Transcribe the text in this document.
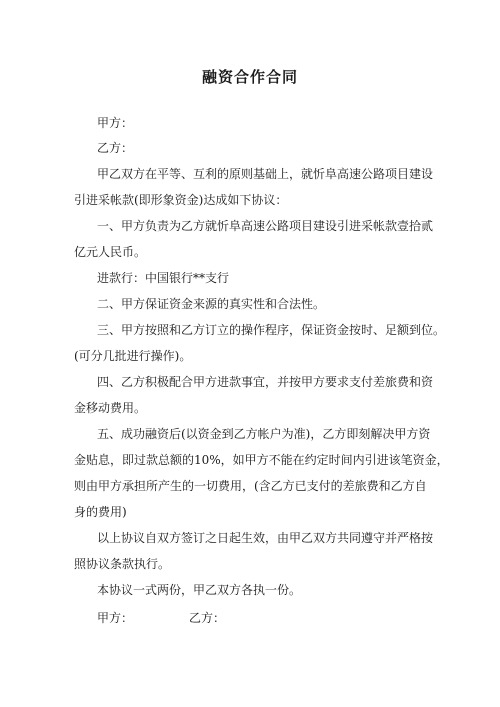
融资合作合同
甲方：
乙方：
甲乙双方在平等、互利的原则基础上，就忻阜高速公路项目建设
引进采帐款(即形象资金)达成如下协议：
一、甲方负责为乙方就忻阜高速公路项目建设引进采帐款壹拾贰
亿元人民币。
进款行：中国银行**支行
二、甲方保证资金来源的真实性和合法性。
三、甲方按照和乙方订立的操作程序，保证资金按时、足额到位。
(可分几批进行操作)。
四、乙方积极配合甲方进款事宜，并按甲方要求支付差旅费和资
金移动费用。
五、成功融资后(以资金到乙方帐户为准)，乙方即刻解决甲方资
金贴息，即过款总额的10%，如甲方不能在约定时间内引进该笔资金，
则由甲方承担所产生的一切费用，(含乙方已支付的差旅费和乙方自
身的费用)
以上协议自双方签订之日起生效，由甲乙双方共同遵守并严格按
照协议条款执行。
本协议一式两份，甲乙双方各执一份。
甲方：	乙方：
